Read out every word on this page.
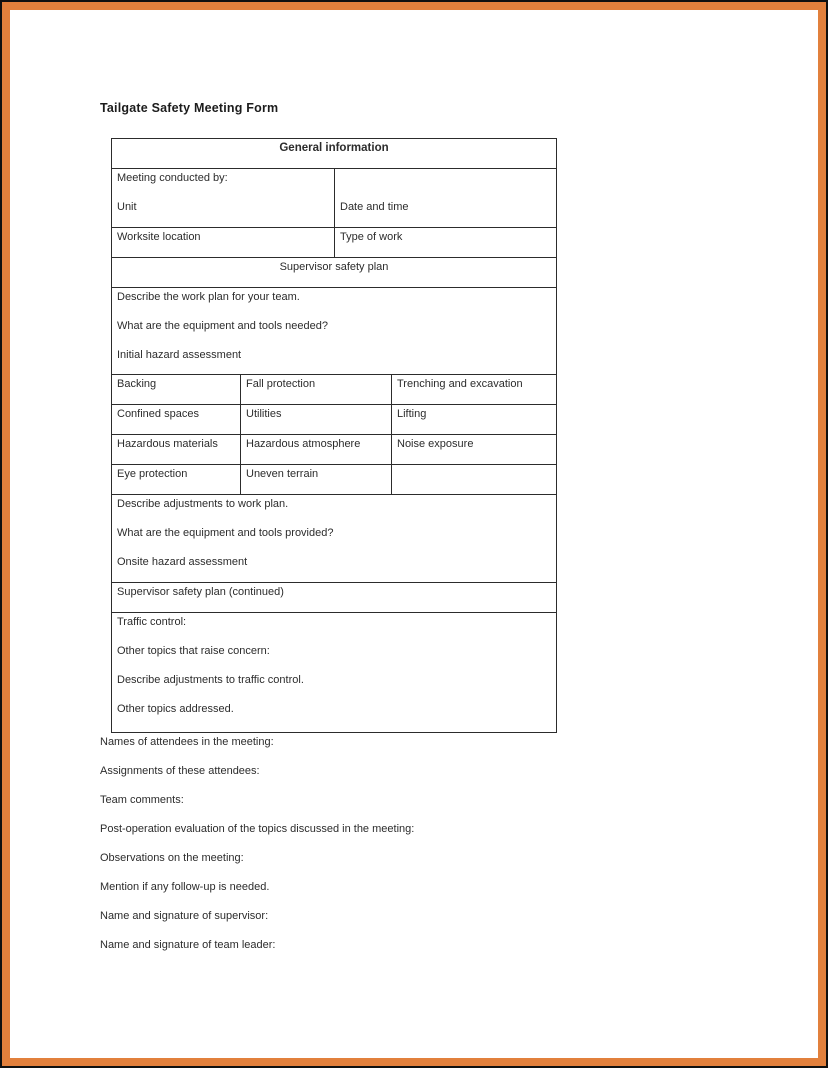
Tailgate Safety Meeting Form
General information
Meeting conducted by:
Unit	Date and time
Worksite location	Type of work
Supervisor safety plan
Describe the work plan for your team.
What are the equipment and tools needed?
Initial hazard assessment
Backing	Fall protection	Trenching and excavation
Confined spaces	Utilities	Lifting
Hazardous materials	Hazardous atmosphere	Noise exposure
Eye protection	Uneven terrain
Describe adjustments to work plan.
What are the equipment and tools provided?
Onsite hazard assessment
Supervisor safety plan (continued)
Traffic control:
Other topics that raise concern:
Describe adjustments to traffic control.
Other topics addressed.

Names of attendees in the meeting:

Assignments of these attendees:

Team comments:

Post-operation evaluation of the topics discussed in the meeting:

Observations on the meeting:

Mention if any follow-up is needed.

Name and signature of supervisor:

Name and signature of team leader:
